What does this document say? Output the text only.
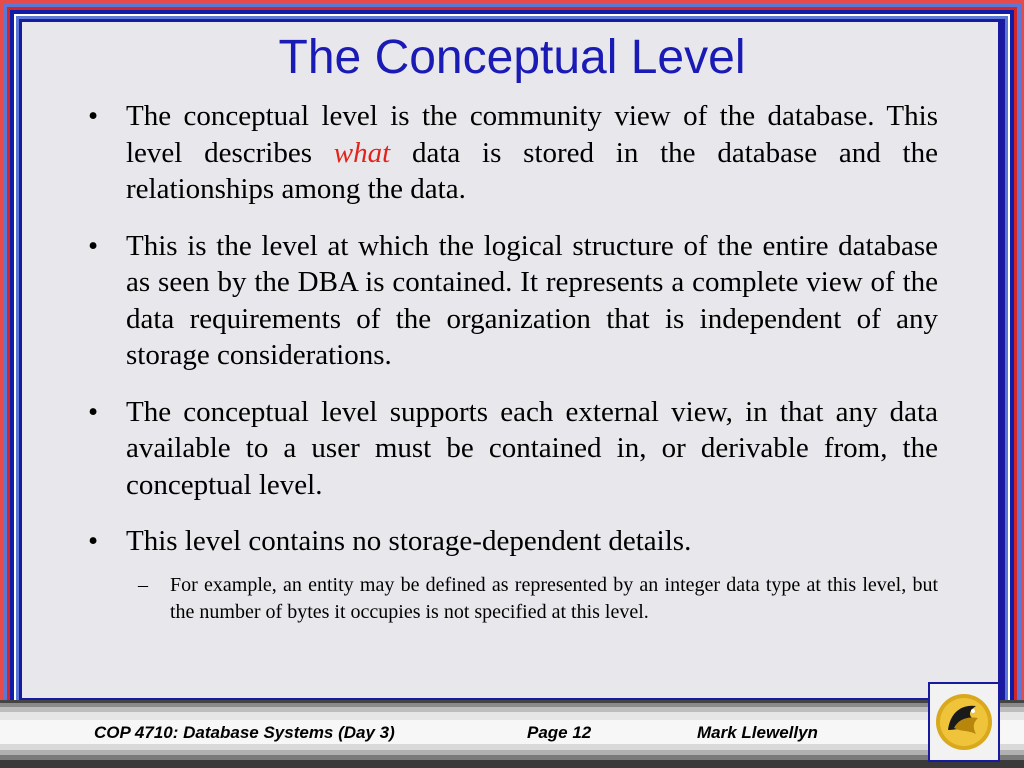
The Conceptual Level
• The conceptual level is the community view of the database. This level describes what data is stored in the database and the relationships among the data.
• This is the level at which the logical structure of the entire database as seen by the DBA is contained. It represents a complete view of the data requirements of the organization that is independent of any storage considerations.
• The conceptual level supports each external view, in that any data available to a user must be contained in, or derivable from, the conceptual level.
• This level contains no storage-dependent details.
– For example, an entity may be defined as represented by an integer data type at this level, but the number of bytes it occupies is not specified at this level.
COP 4710: Database Systems (Day 3)	Page 12	Mark Llewellyn
